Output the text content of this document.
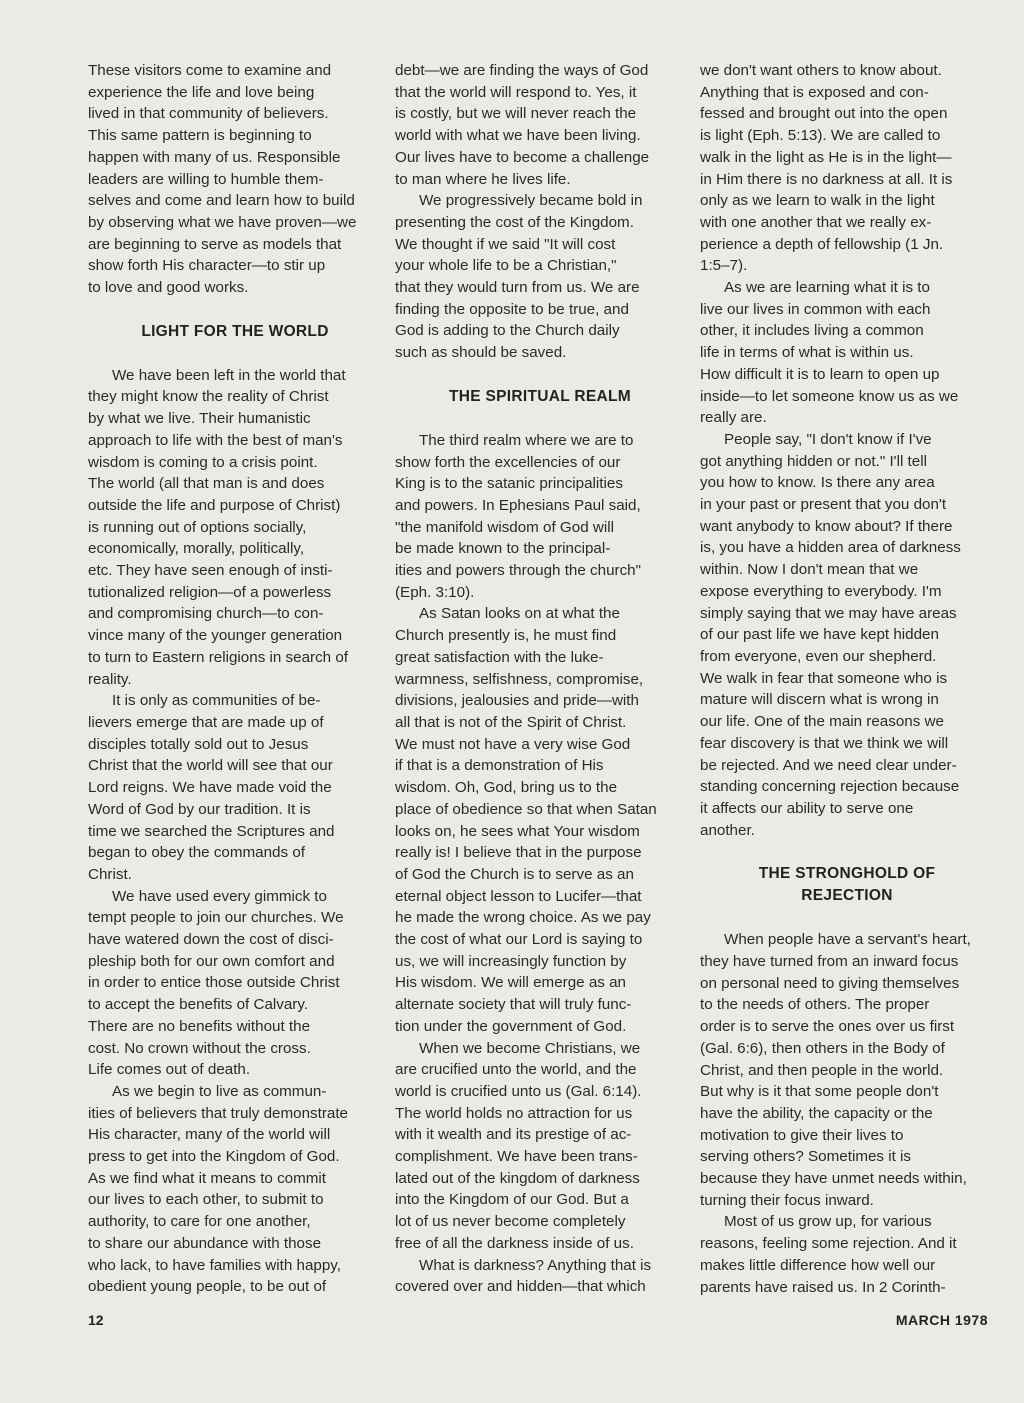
These visitors come to examine and
experience the life and love being
lived in that community of believers.
This same pattern is beginning to
happen with many of us. Responsible
leaders are willing to humble them-
selves and come and learn how to build
by observing what we have proven—we
are beginning to serve as models that
show forth His character—to stir up
to love and good works.

LIGHT FOR THE WORLD

We have been left in the world that
they might know the reality of Christ
by what we live. Their humanistic
approach to life with the best of man's
wisdom is coming to a crisis point.
The world (all that man is and does
outside the life and purpose of Christ)
is running out of options socially,
economically, morally, politically,
etc. They have seen enough of insti-
tutionalized religion—of a powerless
and compromising church—to con-
vince many of the younger generation
to turn to Eastern religions in search of
reality.

It is only as communities of be-
lievers emerge that are made up of
disciples totally sold out to Jesus
Christ that the world will see that our
Lord reigns. We have made void the
Word of God by our tradition. It is
time we searched the Scriptures and
began to obey the commands of
Christ.

We have used every gimmick to
tempt people to join our churches. We
have watered down the cost of disci-
pleship both for our own comfort and
in order to entice those outside Christ
to accept the benefits of Calvary.
There are no benefits without the
cost. No crown without the cross.
Life comes out of death.

As we begin to live as commun-
ities of believers that truly demonstrate
His character, many of the world will
press to get into the Kingdom of God.
As we find what it means to commit
our lives to each other, to submit to
authority, to care for one another,
to share our abundance with those
who lack, to have families with happy,
obedient young people, to be out of

debt—we are finding the ways of God
that the world will respond to. Yes, it
is costly, but we will never reach the
world with what we have been living.
Our lives have to become a challenge
to man where he lives life.

We progressively became bold in
presenting the cost of the Kingdom.
We thought if we said "It will cost
your whole life to be a Christian,"
that they would turn from us. We are
finding the opposite to be true, and
God is adding to the Church daily
such as should be saved.

THE SPIRITUAL REALM

The third realm where we are to
show forth the excellencies of our
King is to the satanic principalities
and powers. In Ephesians Paul said,
"the manifold wisdom of God will
be made known to the principal-
ities and powers through the church"
(Eph. 3:10).

As Satan looks on at what the
Church presently is, he must find
great satisfaction with the luke-
warmness, selfishness, compromise,
divisions, jealousies and pride—with
all that is not of the Spirit of Christ.
We must not have a very wise God
if that is a demonstration of His
wisdom. Oh, God, bring us to the
place of obedience so that when Satan
looks on, he sees what Your wisdom
really is! I believe that in the purpose
of God the Church is to serve as an
eternal object lesson to Lucifer—that
he made the wrong choice. As we pay
the cost of what our Lord is saying to
us, we will increasingly function by
His wisdom. We will emerge as an
alternate society that will truly func-
tion under the government of God.

When we become Christians, we
are crucified unto the world, and the
world is crucified unto us (Gal. 6:14).
The world holds no attraction for us
with it wealth and its prestige of ac-
complishment. We have been trans-
lated out of the kingdom of darkness
into the Kingdom of our God. But a
lot of us never become completely
free of all the darkness inside of us.

What is darkness? Anything that is
covered over and hidden—that which

we don't want others to know about.
Anything that is exposed and con-
fessed and brought out into the open
is light (Eph. 5:13). We are called to
walk in the light as He is in the light—
in Him there is no darkness at all. It is
only as we learn to walk in the light
with one another that we really ex-
perience a depth of fellowship (1 Jn.
1:5–7).

As we are learning what it is to
live our lives in common with each
other, it includes living a common
life in terms of what is within us.
How difficult it is to learn to open up
inside—to let someone know us as we
really are.

People say, "I don't know if I've
got anything hidden or not." I'll tell
you how to know. Is there any area
in your past or present that you don't
want anybody to know about? If there
is, you have a hidden area of darkness
within. Now I don't mean that we
expose everything to everybody. I'm
simply saying that we may have areas
of our past life we have kept hidden
from everyone, even our shepherd.
We walk in fear that someone who is
mature will discern what is wrong in
our life. One of the main reasons we
fear discovery is that we think we will
be rejected. And we need clear under-
standing concerning rejection because
it affects our ability to serve one
another.

THE STRONGHOLD OF
REJECTION

When people have a servant's heart,
they have turned from an inward focus
on personal need to giving themselves
to the needs of others. The proper
order is to serve the ones over us first
(Gal. 6:6), then others in the Body of
Christ, and then people in the world.
But why is it that some people don't
have the ability, the capacity or the
motivation to give their lives to
serving others? Sometimes it is
because they have unmet needs within,
turning their focus inward.

Most of us grow up, for various
reasons, feeling some rejection. And it
makes little difference how well our
parents have raised us. In 2 Corinth-

12	MARCH 1978
